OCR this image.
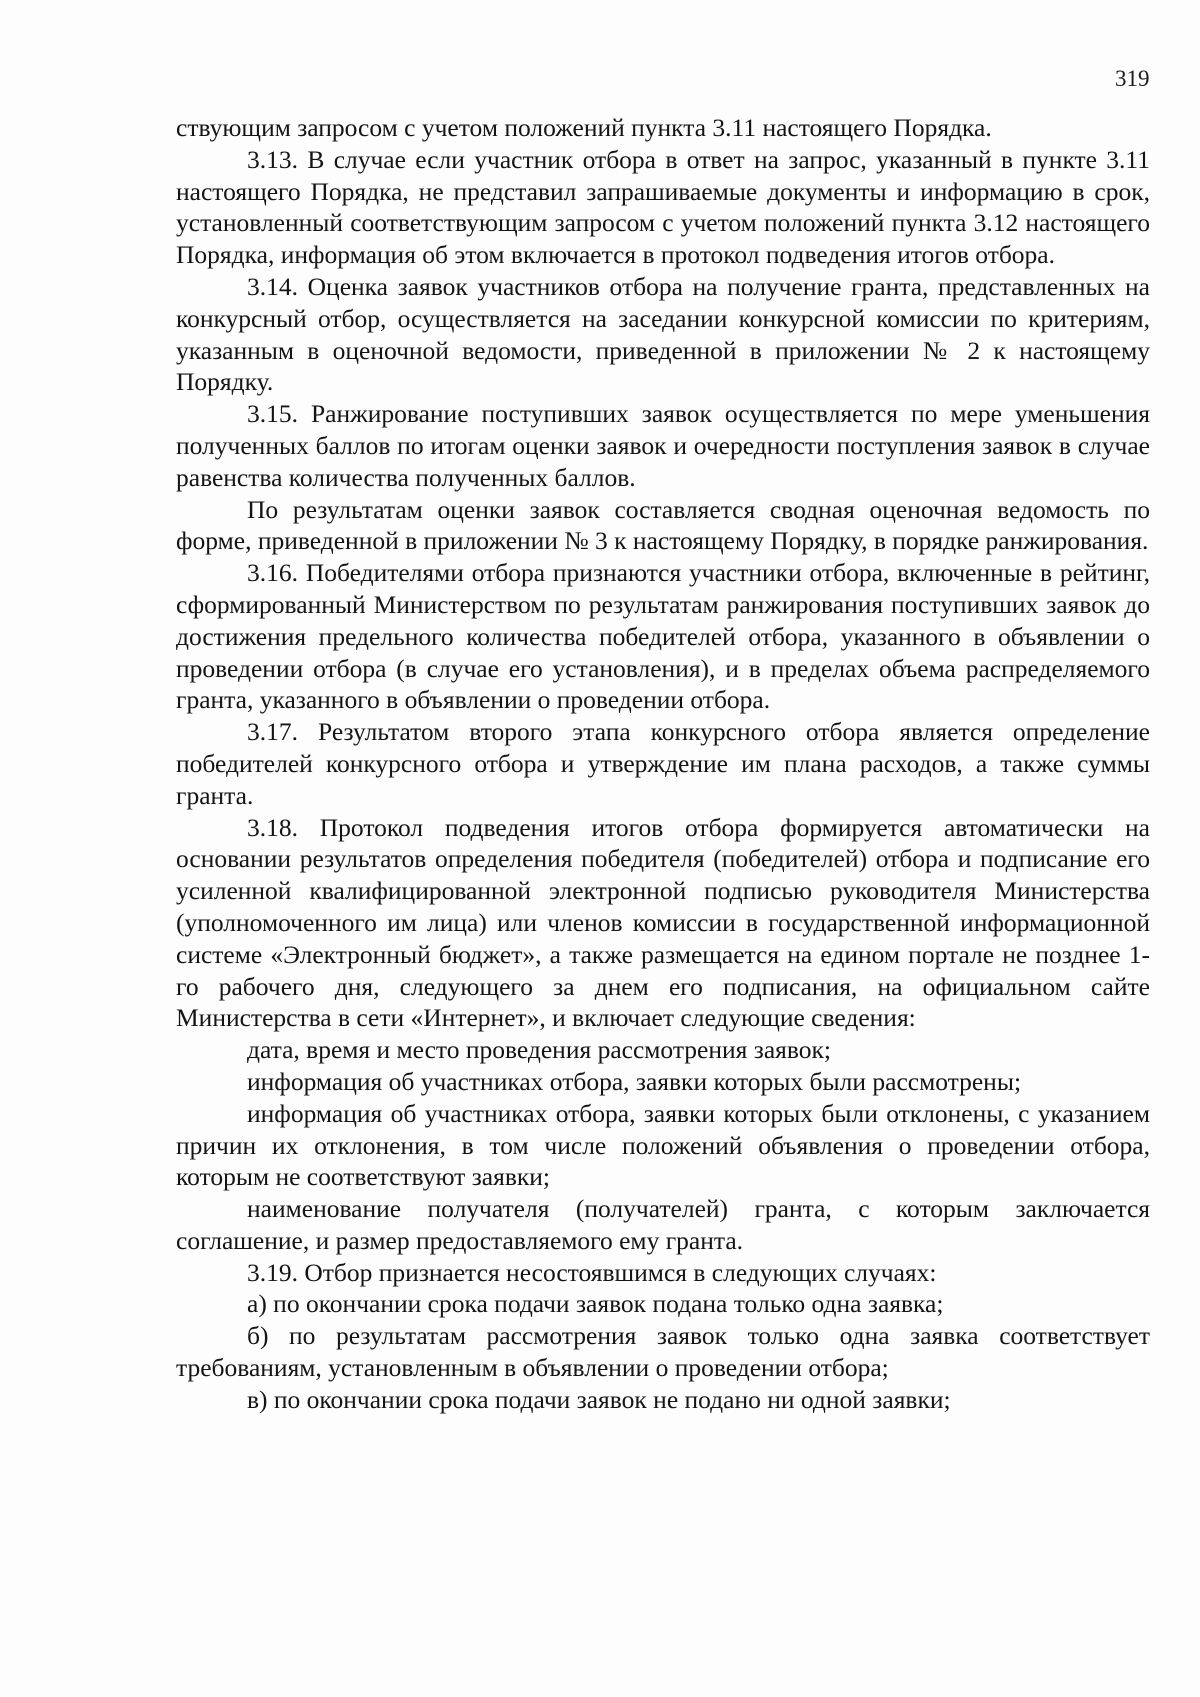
319

ствующим запросом с учетом положений пункта 3.11 настоящего Порядка.

3.13. В случае если участник отбора в ответ на запрос, указанный в пункте 3.11 настоящего Порядка, не представил запрашиваемые документы и информацию в срок, установленный соответствующим запросом с учетом положений пункта 3.12 настоящего Порядка, информация об этом включается в протокол подведения итогов отбора.

3.14. Оценка заявок участников отбора на получение гранта, представленных на конкурсный отбор, осуществляется на заседании конкурсной комиссии по критериям, указанным в оценочной ведомости, приведенной в приложении № 2 к настоящему Порядку.

3.15. Ранжирование поступивших заявок осуществляется по мере уменьшения полученных баллов по итогам оценки заявок и очередности поступления заявок в случае равенства количества полученных баллов.

По результатам оценки заявок составляется сводная оценочная ведомость по форме, приведенной в приложении № 3 к настоящему Порядку, в порядке ранжирования.

3.16. Победителями отбора признаются участники отбора, включенные в рейтинг, сформированный Министерством по результатам ранжирования поступивших заявок до достижения предельного количества победителей отбора, указанного в объявлении о проведении отбора (в случае его установления), и в пределах объема распределяемого гранта, указанного в объявлении о проведении отбора.

3.17. Результатом второго этапа конкурсного отбора является определение победителей конкурсного отбора и утверждение им плана расходов, а также суммы гранта.

3.18. Протокол подведения итогов отбора формируется автоматически на основании результатов определения победителя (победителей) отбора и подписание его усиленной квалифицированной электронной подписью руководителя Министерства (уполномоченного им лица) или членов комиссии в государственной информационной системе «Электронный бюджет», а также размещается на едином портале не позднее 1-го рабочего дня, следующего за днем его подписания, на официальном сайте Министерства в сети «Интернет», и включает следующие сведения:

дата, время и место проведения рассмотрения заявок;

информация об участниках отбора, заявки которых были рассмотрены;

информация об участниках отбора, заявки которых были отклонены, с указанием причин их отклонения, в том числе положений объявления о проведении отбора, которым не соответствуют заявки;

наименование получателя (получателей) гранта, с которым заключается соглашение, и размер предоставляемого ему гранта.

3.19. Отбор признается несостоявшимся в следующих случаях:

а) по окончании срока подачи заявок подана только одна заявка;

б) по результатам рассмотрения заявок только одна заявка соответствует требованиям, установленным в объявлении о проведении отбора;

в) по окончании срока подачи заявок не подано ни одной заявки;
